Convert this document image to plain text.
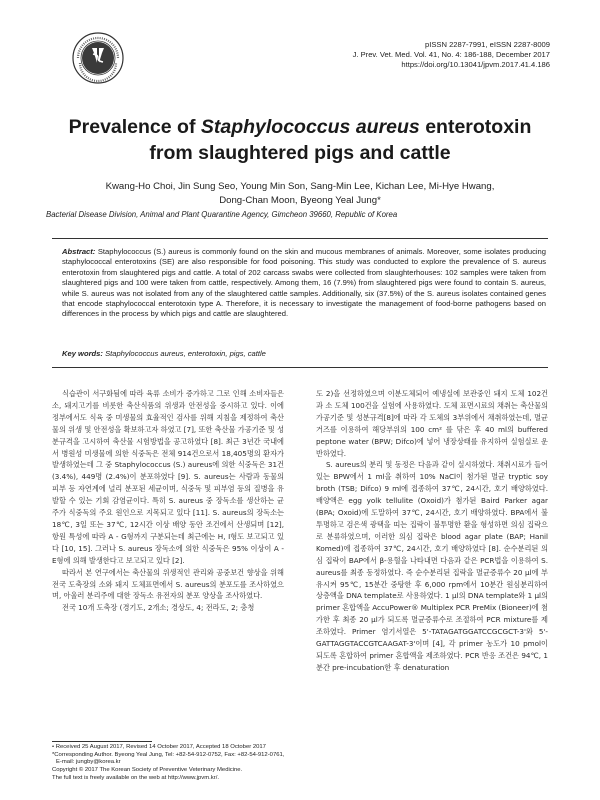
pISSN 2287-7991, eISSN 2287-8009
J. Prev. Vet. Med. Vol. 41, No. 4: 186-188, December 2017
https://doi.org/10.13041/jpvm.2017.41.4.186
Prevalence of Staphylococcus aureus enterotoxin from slaughtered pigs and cattle
Kwang-Ho Choi, Jin Sung Seo, Young Min Son, Sang-Min Lee, Kichan Lee, Mi-Hye Hwang,
Dong-Chan Moon, Byeong Yeal Jung*
Bacterial Disease Division, Animal and Plant Quarantine Agency, Gimcheon 39660, Republic of Korea

Abstract: Staphylococcus (S.) aureus is commonly found on the skin and mucous membranes of animals. Moreover, some isolates producing staphylococcal enterotoxins (SE) are also responsible for food poisoning. This study was conducted to explore the prevalence of S. aureus enterotoxin from slaughtered pigs and cattle. A total of 202 carcass swabs were collected from slaughterhouses: 102 samples were taken from slaughtered pigs and 100 were taken from cattle, respectively. Among them, 16 (7.9%) from slaughtered pigs were found to contain S. aureus, while S. aureus was not isolated from any of the slaughtered cattle samples. Additionally, six (37.5%) of the S. aureus isolates contained genes that encode staphylococcal enterotoxin type A. Therefore, it is necessary to investigate the management of food-borne pathogens based on differences in the process by which pigs and cattle are slaughtered.

Key words: Staphylococcus aureus, enterotoxin, pigs, cattle

식습관이 서구화됨에 따라 육류 소비가 증가하고 그로 인해 소비자들은 소, 돼지고기를 비롯한 축산식품의 위생과 안전성을 중시하고 있다. 이에 정부에서도 식육 중 미생물의 효율적인 검사를 위해 지침을 제정하여 축산물의 위생 및 안전성을 확보하고자 하였고 [7], 또한 축산물 가공기준 및 성분규격을 고시하여 축산물 시험방법을 공고하였다 [8]. 최근 3년간 국내에서 병원성 미생물에 의한 식중독은 전체 914건으로서 18,405명의 환자가 발생하였는데 그 중 Staphylococcus (S.) aureus에 의한 식중독은 31건 (3.4%), 449명 (2.4%)이 분포하였다 [9]. S. aureus는 사람과 동물의 피부 등 자연계에 널리 분포된 세균이며, 식중독 및 피부염 등의 질병을 유발할 수 있는 기회 감염균이다. 특히 S. aureus 중 장독소를 생산하는 균주가 식중독의 주요 원인으로 지목되고 있다 [11]. S. aureus의 장독소는 18℃, 3일 또는 37℃, 12시간 이상 배양 동안 조건에서 산생되며 [12], 항원 특성에 따라 A - G형까지 구분되는데 최근에는 H, I형도 보고되고 있다 [10, 15]. 그러나 S. aureus 장독소에 의한 식중독은 95% 이상이 A - E형에 의해 발생한다고 보고되고 있다 [2].

따라서 본 연구에서는 축산물의 위생적인 관리와 공중보건 향상을 위해 전국 도축장의 소와 돼지 도체표면에서 S. aureus의 분포도를 조사하였으며, 아울러 분리주에 대한 장독소 유전자의 분포 양상을 조사하였다.

전국 10개 도축장 (경기도, 2개소; 경상도, 4; 전라도, 2; 충청

도 2)을 선정하였으며 이분도체되어 예냉실에 보관중인 돼지 도체 102건과 소 도체 100건을 실험에 사용하였다. 도체 표면시료의 채취는 축산물의 가공기준 및 성분규격[8]에 따라 각 도체의 3부위에서 채취하였는데, 멸균 거즈를 이용하여 해당부위의 100 cm² 를 닦은 후 40 ml의 buffered peptone water (BPW; Difco)에 넣어 냉장상태를 유지하여 실험실로 운반하였다.

S. aureus의 분리 및 동정은 다음과 같이 실시하였다. 채취시료가 들어있는 BPW에서 1 ml을 취하여 10% NaCl이 첨가된 멸균 tryptic soy broth (TSB; Difco) 9 ml에 접종하여 37℃, 24시간, 호기 배양하였다. 배양액은 egg yolk tellulite (Oxoid)가 첨가된 Baird Parker agar (BPA; Oxoid)에 도말하여 37℃, 24시간, 호기 배양하였다. BPA에서 불투명하고 검은색 광택을 띠는 집락이 불투명한 환을 형성하면 의심 집락으로 분류하였으며, 이러한 의심 집락은 blood agar plate (BAP; Hanil Komed)에 접종하여 37℃, 24시간, 호기 배양하였다 [8]. 순수분리된 의심 집락이 BAP에서 β-용혈을 나타내면 다음과 같은 PCR법을 이용하여 S. aureus를 최종 동정하였다. 즉 순수분리된 집락을 멸균증류수 20 μl에 부유시켜 95℃, 15분간 중탕한 후 6,000 rpm에서 10분간 원심분리하여 상층액을 DNA template로 사용하였다. 1 μl의 DNA template와 1 μl의 primer 혼합액을 AccuPower® Multiplex PCR PreMix (Bioneer)에 첨가한 후 최종 20 μl가 되도록 멸균증류수로 조절하여 PCR mixture를 제조하였다. Primer 염기서열은 5'-TATAGATGGATCCGCGCT-3'와 5'-GATTAGGTACCGTCAAGAT-3'이며 [4], 각 primer 농도가 10 pmol이 되도록 혼합하여 primer 혼합액을 제조하였다. PCR 반응 조건은 94℃, 1분간 pre-incubation한 후 denaturation

• Received 25 August 2017, Revised 14 October 2017, Accepted 18 October 2017
*Corresponding Author. Byeong Yeal Jung, Tel: +82-54-912-0752, Fax: +82-54-912-0761,
E-mail: jungby@korea.kr
Copyright © 2017 The Korean Society of Preventive Veterinary Medicine.
The full text is freely available on the web at http://www.jpvm.kr/.
